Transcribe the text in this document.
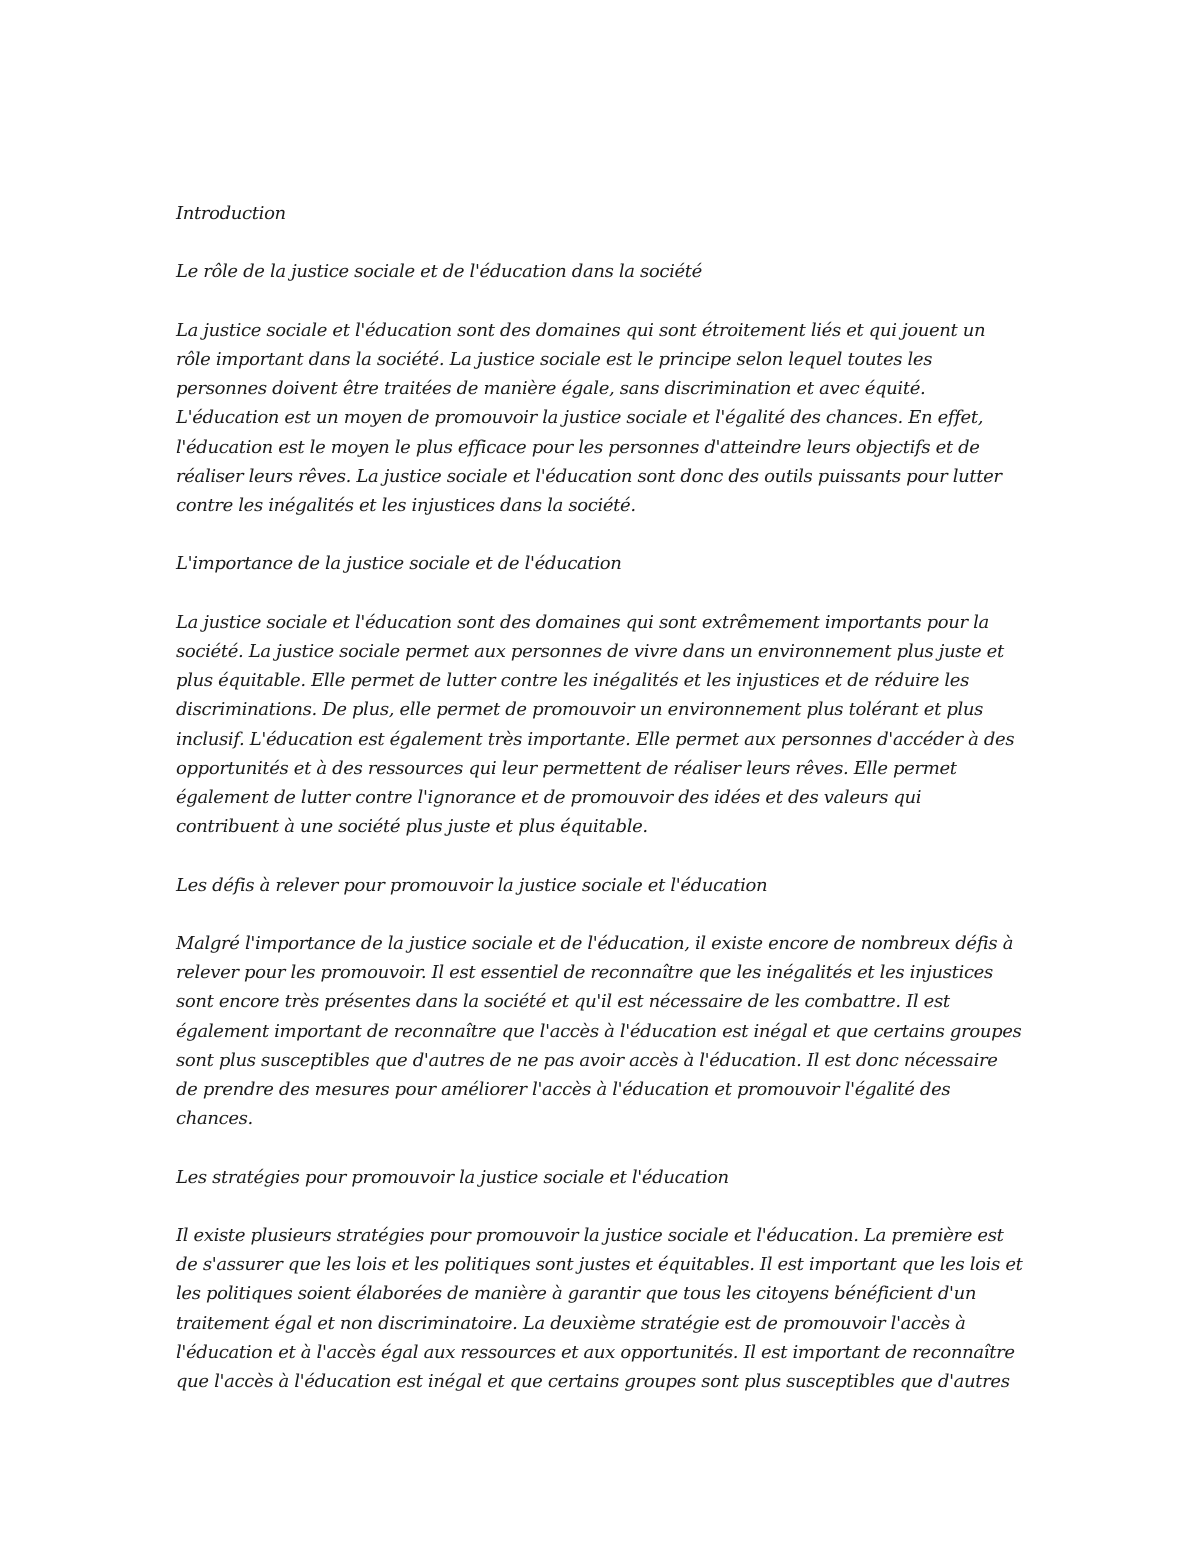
Introduction

Le rôle de la justice sociale et de l'éducation dans la société

La justice sociale et l'éducation sont des domaines qui sont étroitement liés et qui jouent un rôle important dans la société. La justice sociale est le principe selon lequel toutes les personnes doivent être traitées de manière égale, sans discrimination et avec équité. L'éducation est un moyen de promouvoir la justice sociale et l'égalité des chances. En effet, l'éducation est le moyen le plus efficace pour les personnes d'atteindre leurs objectifs et de réaliser leurs rêves. La justice sociale et l'éducation sont donc des outils puissants pour lutter contre les inégalités et les injustices dans la société.

L'importance de la justice sociale et de l'éducation

La justice sociale et l'éducation sont des domaines qui sont extrêmement importants pour la société. La justice sociale permet aux personnes de vivre dans un environnement plus juste et plus équitable. Elle permet de lutter contre les inégalités et les injustices et de réduire les discriminations. De plus, elle permet de promouvoir un environnement plus tolérant et plus inclusif. L'éducation est également très importante. Elle permet aux personnes d'accéder à des opportunités et à des ressources qui leur permettent de réaliser leurs rêves. Elle permet également de lutter contre l'ignorance et de promouvoir des idées et des valeurs qui contribuent à une société plus juste et plus équitable.

Les défis à relever pour promouvoir la justice sociale et l'éducation

Malgré l'importance de la justice sociale et de l'éducation, il existe encore de nombreux défis à relever pour les promouvoir. Il est essentiel de reconnaître que les inégalités et les injustices sont encore très présentes dans la société et qu'il est nécessaire de les combattre. Il est également important de reconnaître que l'accès à l'éducation est inégal et que certains groupes sont plus susceptibles que d'autres de ne pas avoir accès à l'éducation. Il est donc nécessaire de prendre des mesures pour améliorer l'accès à l'éducation et promouvoir l'égalité des chances.

Les stratégies pour promouvoir la justice sociale et l'éducation

Il existe plusieurs stratégies pour promouvoir la justice sociale et l'éducation. La première est de s'assurer que les lois et les politiques sont justes et équitables. Il est important que les lois et les politiques soient élaborées de manière à garantir que tous les citoyens bénéficient d'un traitement égal et non discriminatoire. La deuxième stratégie est de promouvoir l'accès à l'éducation et à l'accès égal aux ressources et aux opportunités. Il est important de reconnaître que l'accès à l'éducation est inégal et que certains groupes sont plus susceptibles que d'autres
